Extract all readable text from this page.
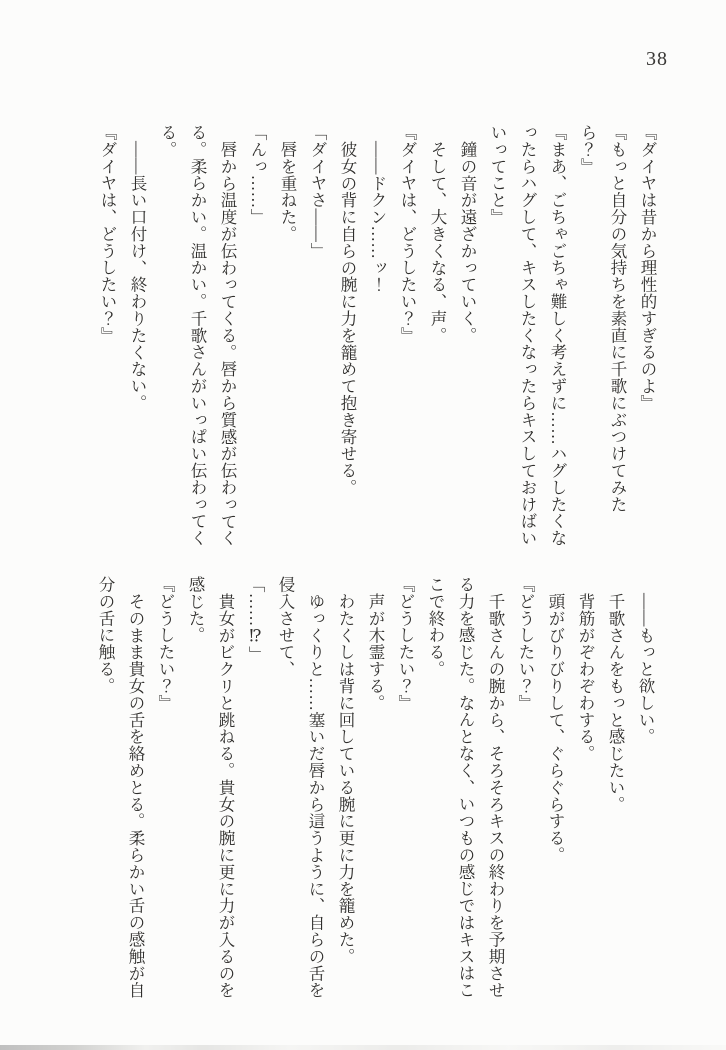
38

『ダイヤは昔から理性的すぎるのよ』

『もっと自分の気持ちを素直に千歌にぶつけてみた

ら？』

『まあ、ごちゃごちゃ難しく考えずに……ハグしたくな

ったらハグして、キスしたくなったらキスしておけばい

いってこと』

鐘の音が遠ざかっていく。

そして、大きくなる、声。

『ダイヤは、どうしたい？』

――ドクン……ッ！

彼女の背に自らの腕に力を籠めて抱き寄せる。

「ダイヤさ――」

唇を重ねた。

「んっ……」

唇から温度が伝わってくる。唇から質感が伝わってく

る。柔らかい。温かい。千歌さんがいっぱい伝わってく

る。

――長い口付け、終わりたくない。

『ダイヤは、どうしたい？』

――もっと欲しい。

千歌さんをもっと感じたい。

背筋がぞわぞわする。

頭がびりびりして、ぐらぐらする。

『どうしたい？』

千歌さんの腕から、そろそろキスの終わりを予期させ

る力を感じた。なんとなく、いつもの感じではキスはこ

こで終わる。

『どうしたい？』

声が木霊する。

わたくしは背に回している腕に更に力を籠めた。

ゆっくりと……塞いだ唇から這うように、自らの舌を

侵入させて、

「……⁉」

貴女がビクリと跳ねる。貴女の腕に更に力が入るのを

感じた。

『どうしたい？』

そのまま貴女の舌を絡めとる。柔らかい舌の感触が自

分の舌に触る。
